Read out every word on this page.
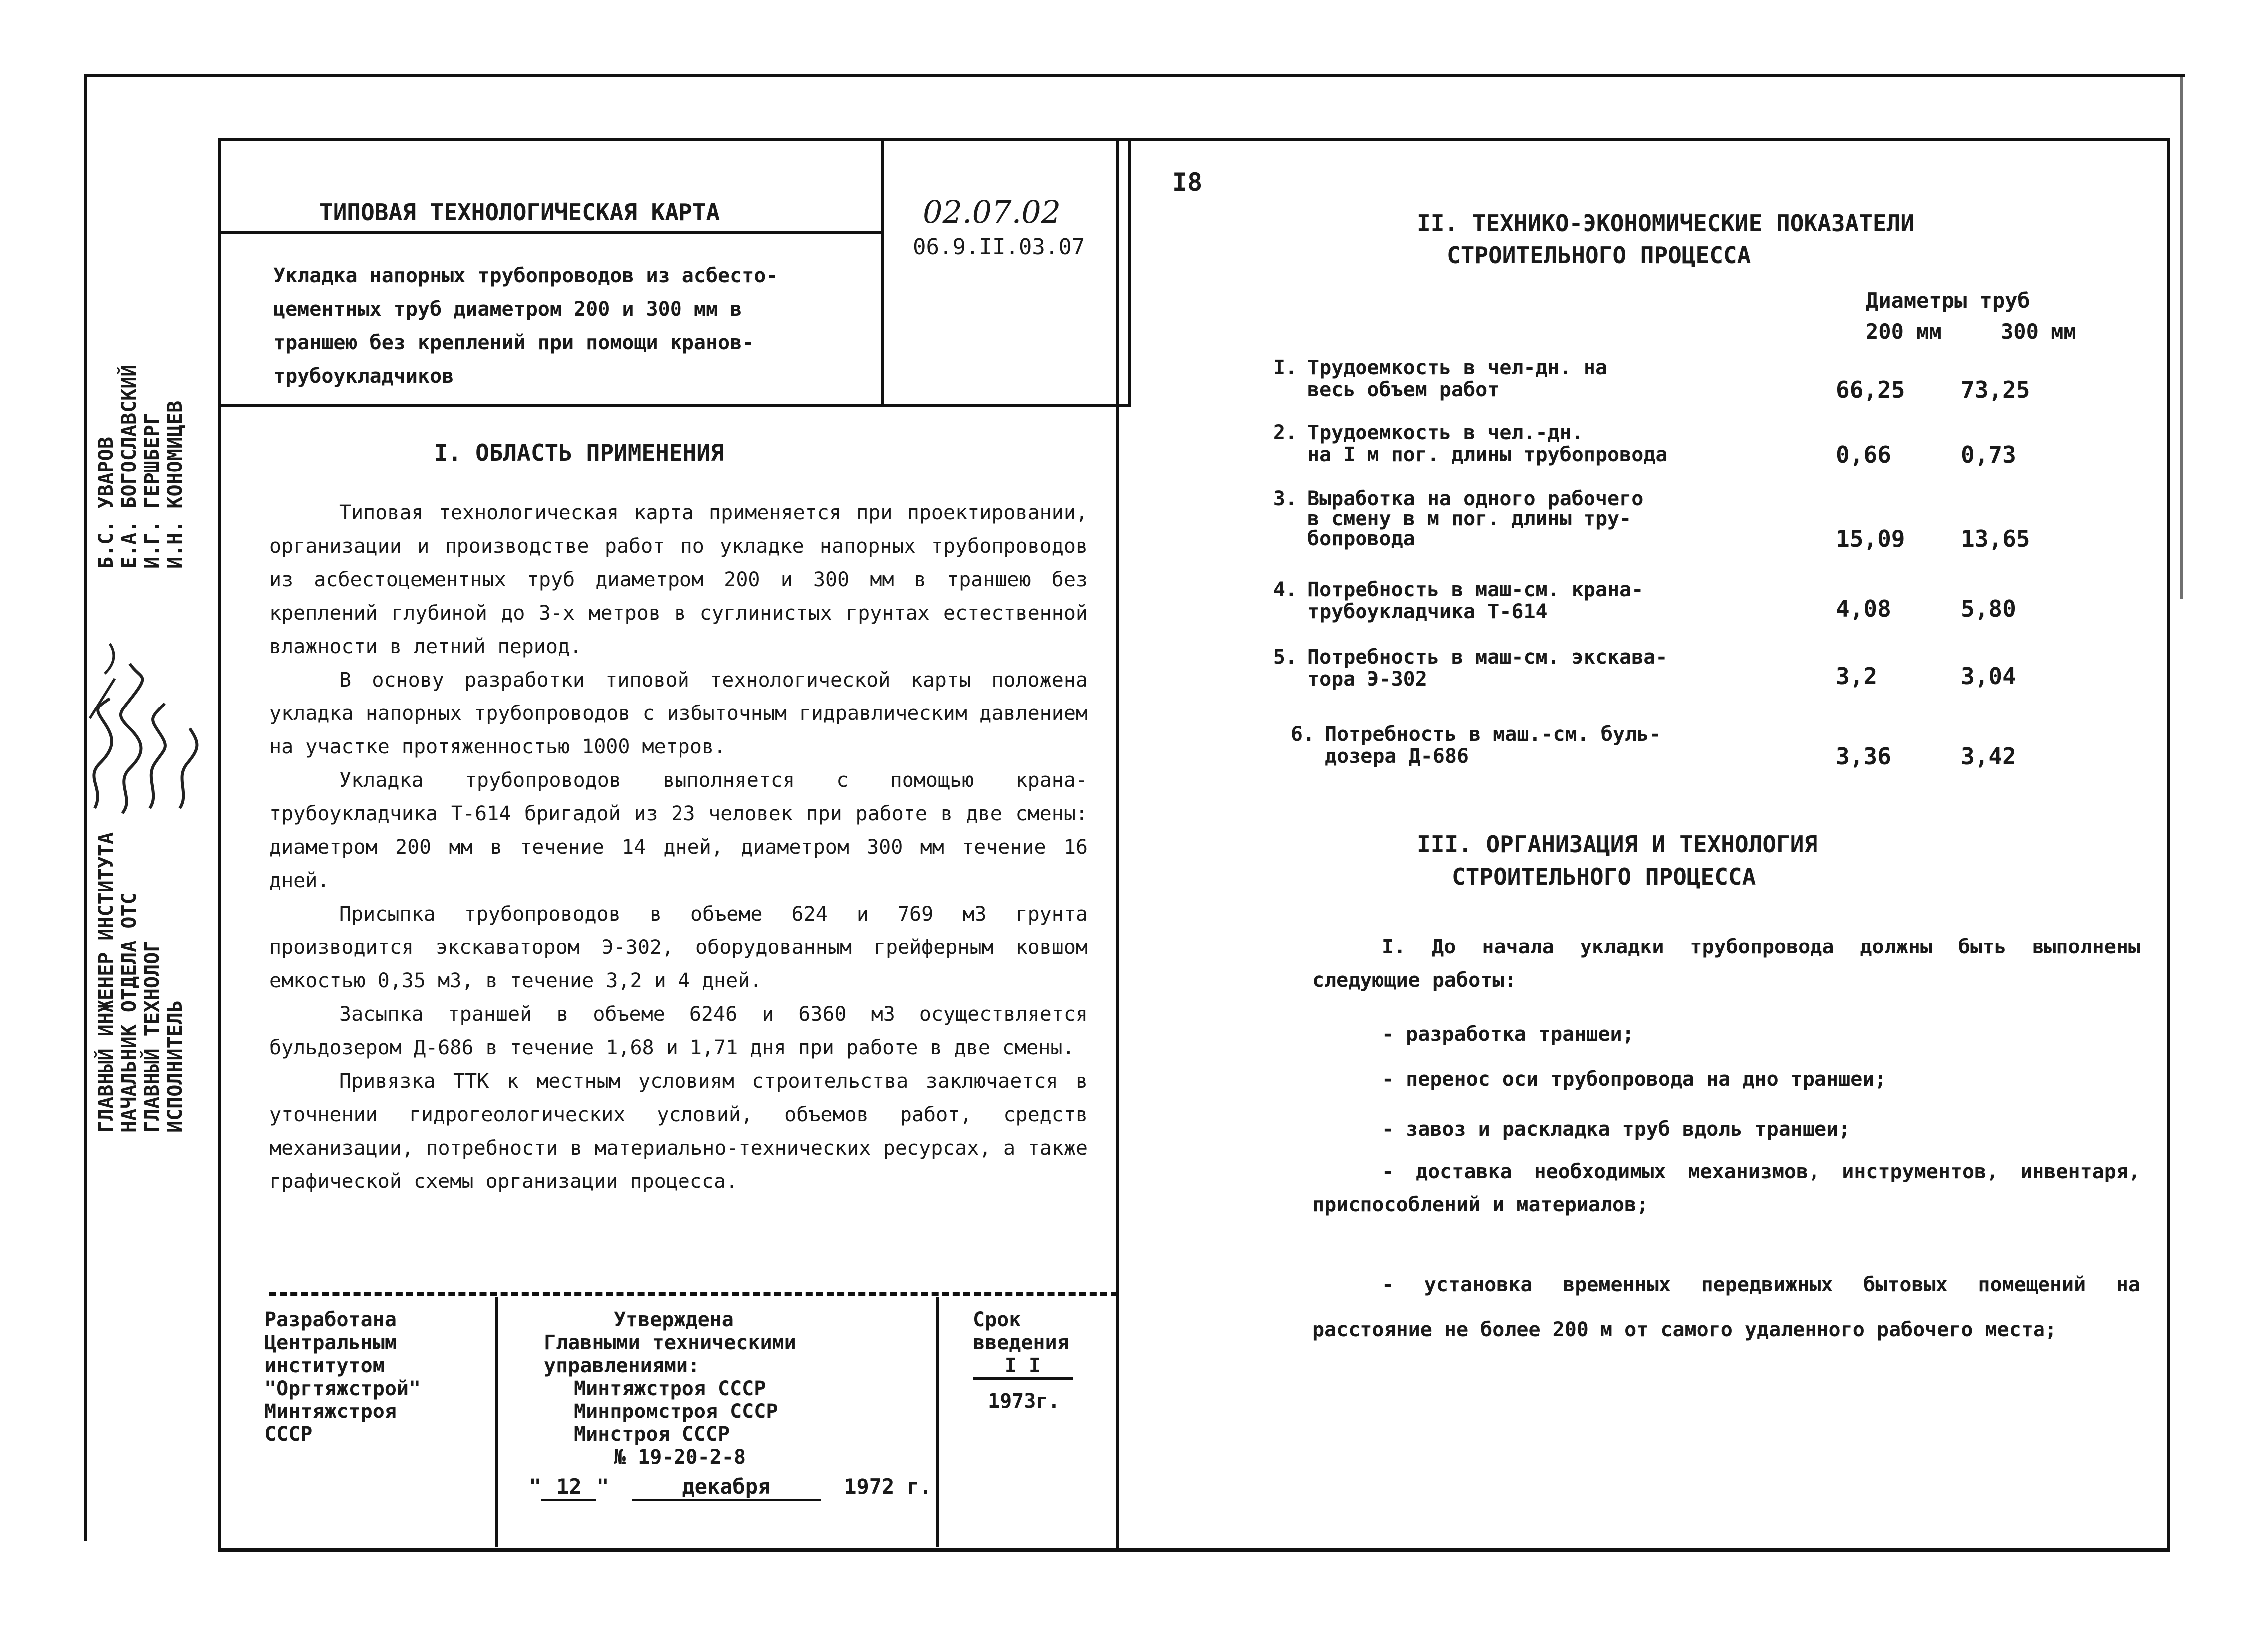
ГЛАВНЫЙ ИНЖЕНЕР ИНСТИТУТА НАЧАЛЬНИК ОТДЕЛА ОТС ГЛАВНЫЙ ТЕХНОЛОГ ИСПОЛНИТЕЛЬ
Б.С. УВАРОВ Е.А. БОГОСЛАВСКИЙ И.Г. ГЕРШБЕРГ И.Н. КОНОМИЦЕВ
ТИПОВАЯ ТЕХНОЛОГИЧЕСКАЯ КАРТА	02.07.02
06.9.II.03.07
Укладка напорных трубопроводов из асбесто-
цементных труб диаметром 200 и 300 мм в
траншею без креплений при помощи кранов-
трубоукладчиков
I8
I. ОБЛАСТЬ ПРИМЕНЕНИЯ
Типовая технологическая карта применяется при проектировании, организации и производстве работ по укладке напорных трубопроводов из асбестоцементных труб диаметром 200 и 300 мм в траншею без креплений глубиной до 3-х метров в суглинистых грунтах естественной влажности в летний период.
В основу разработки типовой технологической карты положена укладка напорных трубопроводов с избыточным гидравлическим давлением на участке протяженностью 1000 метров.
Укладка трубопроводов выполняется с помощью крана-трубоукладчика Т-614 бригадой из 23 человек при работе в две смены: диаметром 200 мм в течение 14 дней, диаметром 300 мм течение 16 дней.
Присыпка трубопроводов в объеме 624 и 769 м3 грунта производится экскаватором Э-302, оборудованным грейферным ковшом емкостью 0,35 м3, в течение 3,2 и 4 дней.
Засыпка траншей в объеме 6246 и 6360 м3 осуществляется бульдозером Д-686 в течение 1,68 и 1,71 дня при работе в две смены.
Привязка ТТК к местным условиям строительства заключается в уточнении гидрогеологических условий, объемов работ, средств механизации, потребности в материально-технических ресурсах, а также графической схемы организации процесса.
Разработана
Центральным
институтом
"Оргтяжстрой"
Минтяжстроя
СССР
Утверждена
Главными техническими
управлениями:
Минтяжстроя СССР
Минпромстроя СССР
Минстроя СССР
№ 19-20-2-8
" 12 "	декабря	1972 г.
Срок
введения
I I
1973г.
II. ТЕХНИКО-ЭКОНОМИЧЕСКИЕ ПОКАЗАТЕЛИ
СТРОИТЕЛЬНОГО ПРОЦЕССА
Диаметры труб
200 мм	300 мм
I. Трудоемкость в чел-дн. на
весь объем работ	66,25 73,25
2. Трудоемкость в чел.-дн.
на I м пог. длины трубопровода	0,66	0,73
3. Выработка на одного рабочего
в смену в м пог. длины тру-
бопровода	15,09 13,65
4. Потребность в маш-см. крана-
трубоукладчика Т-614	4,08	5,80
5. Потребность в маш-см. экскава-
тора Э-302	3,2	3,04
6. Потребность в маш.-см. буль-
дозера Д-686	3,36	3,42
III. ОРГАНИЗАЦИЯ И ТЕХНОЛОГИЯ
СТРОИТЕЛЬНОГО ПРОЦЕССА
I. До начала укладки трубопровода должны быть выполнены следующие работы:
- разработка траншеи;
- перенос оси трубопровода на дно траншеи;
- завоз и раскладка труб вдоль траншеи;
- доставка необходимых механизмов, инструментов, инвентаря, приспособлений и материалов;
- установка временных передвижных бытовых помещений на расстояние не более 200 м от самого удаленного рабочего места;
